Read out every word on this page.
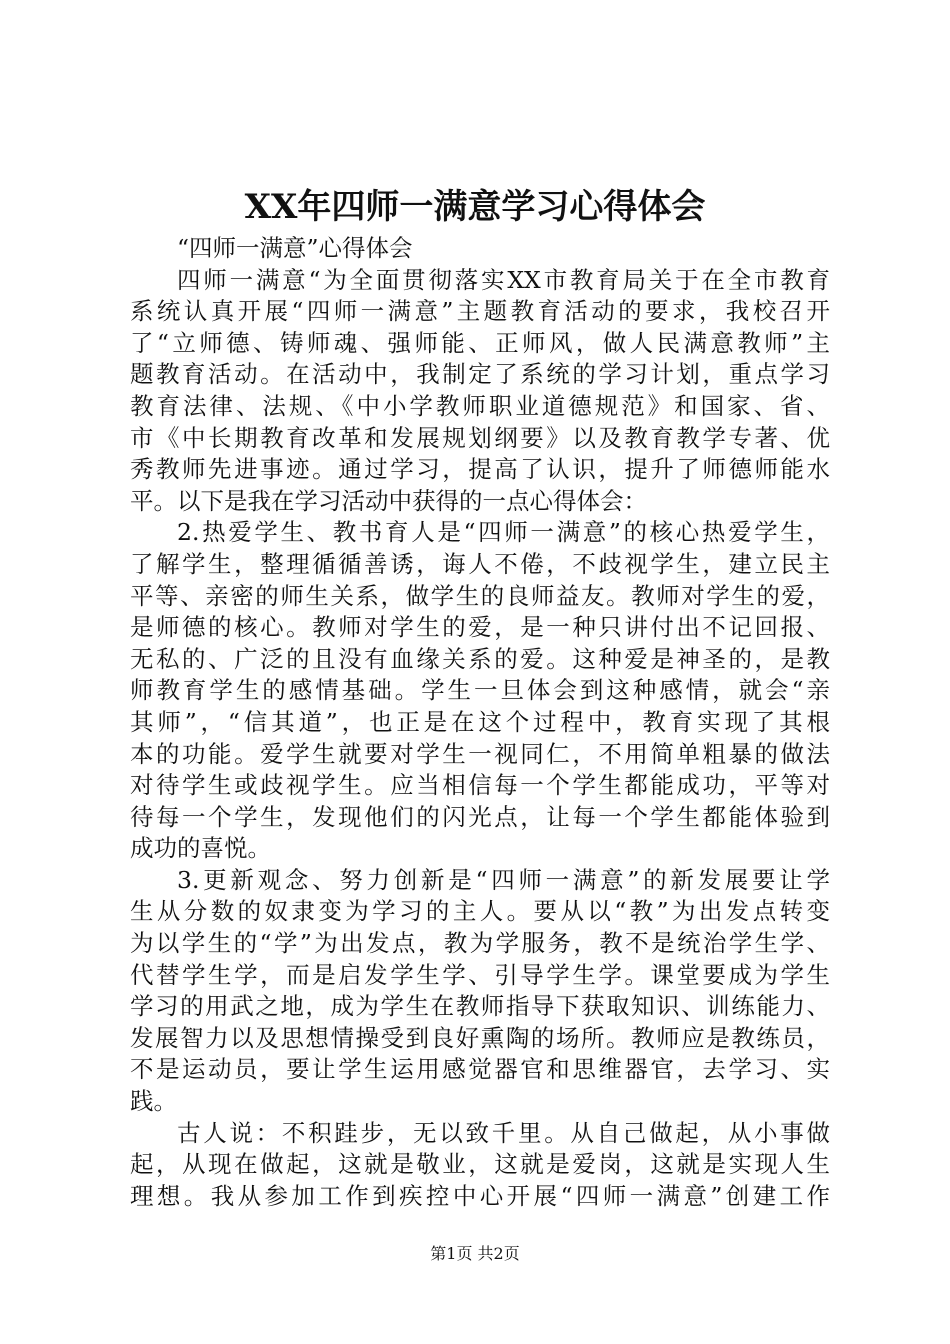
XX年四师一满意学习心得体会
“四师一满意”心得体会
四师一满意“为全面贯彻落实XX市教育局关于在全市教育
系统认真开展“四师一满意”主题教育活动的要求，我校召开
了“立师德、铸师魂、强师能、正师风，做人民满意教师”主
题教育活动。在活动中，我制定了系统的学习计划，重点学习
教育法律、法规、《中小学教师职业道德规范》和国家、省、
市《中长期教育改革和发展规划纲要》以及教育教学专著、优
秀教师先进事迹。通过学习，提高了认识，提升了师德师能水
平。以下是我在学习活动中获得的一点心得体会：
2.热爱学生、教书育人是“四师一满意”的核心热爱学生，
了解学生，整理循循善诱，诲人不倦，不歧视学生，建立民主
平等、亲密的师生关系，做学生的良师益友。教师对学生的爱，
是师德的核心。教师对学生的爱，是一种只讲付出不记回报、
无私的、广泛的且没有血缘关系的爱。这种爱是神圣的，是教
师教育学生的感情基础。学生一旦体会到这种感情，就会“亲
其师”，“信其道”，也正是在这个过程中，教育实现了其根
本的功能。爱学生就要对学生一视同仁，不用简单粗暴的做法
对待学生或歧视学生。应当相信每一个学生都能成功，平等对
待每一个学生，发现他们的闪光点，让每一个学生都能体验到
成功的喜悦。
3.更新观念、努力创新是“四师一满意”的新发展要让学
生从分数的奴隶变为学习的主人。要从以“教”为出发点转变
为以学生的“学”为出发点，教为学服务，教不是统治学生学、
代替学生学，而是启发学生学、引导学生学。课堂要成为学生
学习的用武之地，成为学生在教师指导下获取知识、训练能力、
发展智力以及思想情操受到良好熏陶的场所。教师应是教练员，
不是运动员，要让学生运用感觉器官和思维器官，去学习、实
践。
古人说：不积跬步，无以致千里。从自己做起，从小事做
起，从现在做起，这就是敬业，这就是爱岗，这就是实现人生
理想。我从参加工作到疾控中心开展“四师一满意”创建工作
第1页 共2页
